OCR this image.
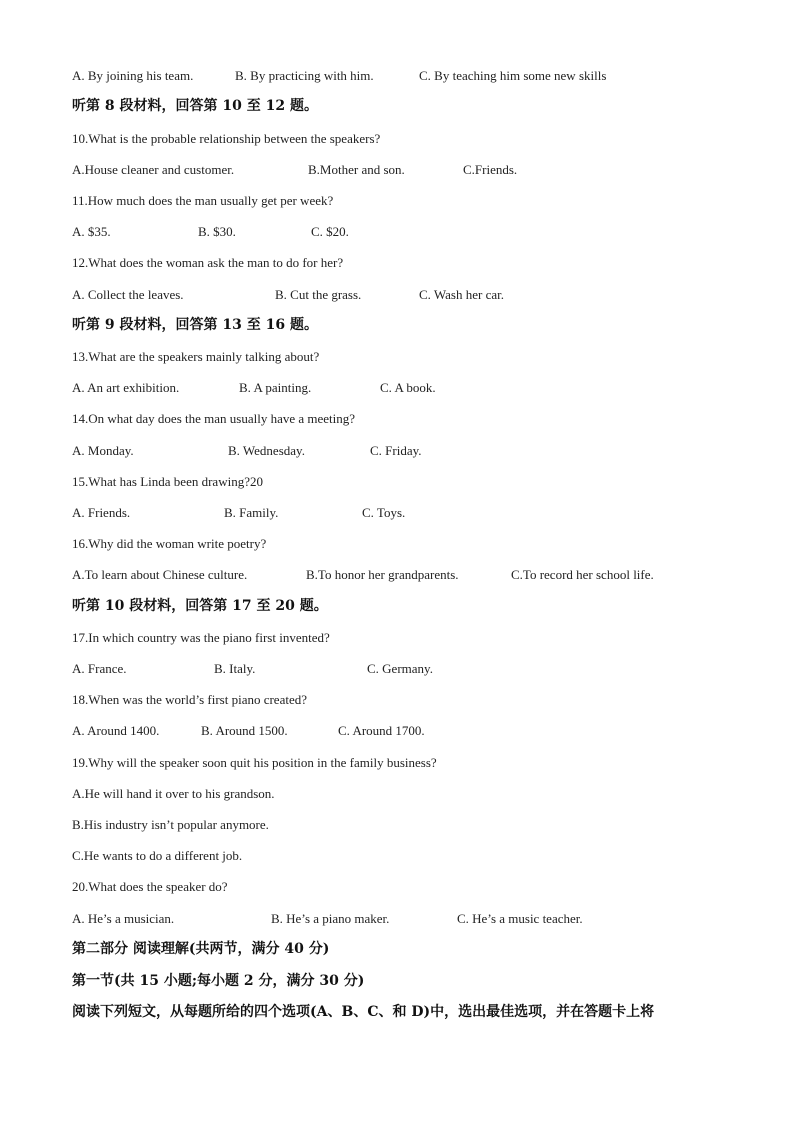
A. By joining his team.	B. By practicing with him.	C. By teaching him some new skills
听第 8 段材料，回答第 10 至 12 题。
10.What is the probable relationship between the speakers?
A.House cleaner and customer.	B.Mother and son.	C.Friends.
11.How much does the man usually get per week?
A. $35.	B. $30.	C. $20.
12.What does the woman ask the man to do for her?
A. Collect the leaves.	B. Cut the grass.	C. Wash her car.
听第 9 段材料，回答第 13 至 16 题。
13.What are the speakers mainly talking about?
A. An art exhibition.	B. A painting.	C. A book.
14.On what day does the man usually have a meeting?
A. Monday.	B. Wednesday.	C. Friday.
15.What has Linda been drawing?20
A. Friends.	B. Family.	C. Toys.
16.Why did the woman write poetry?
A.To learn about Chinese culture.	B.To honor her grandparents.	C.To record her school life.
听第 10 段材料，回答第 17 至 20 题。
17.In which country was the piano first invented?
A. France.	B. Italy.	C. Germany.
18.When was the world’s first piano created?
A. Around 1400.	B. Around 1500.	C. Around 1700.
19.Why will the speaker soon quit his position in the family business?
A.He will hand it over to his grandson.
B.His industry isn’t popular anymore.
C.He wants to do a different job.
20.What does the speaker do?
A. He’s a musician.	B. He’s a piano maker.	C. He’s a music teacher.
第二部分 阅读理解(共两节，满分 40 分)
第一节(共 15 小题;每小题 2 分，满分 30 分)
阅读下列短文，从每题所给的四个选项(A、B、C、和 D)中，选出最佳选项，并在答题卡上将
